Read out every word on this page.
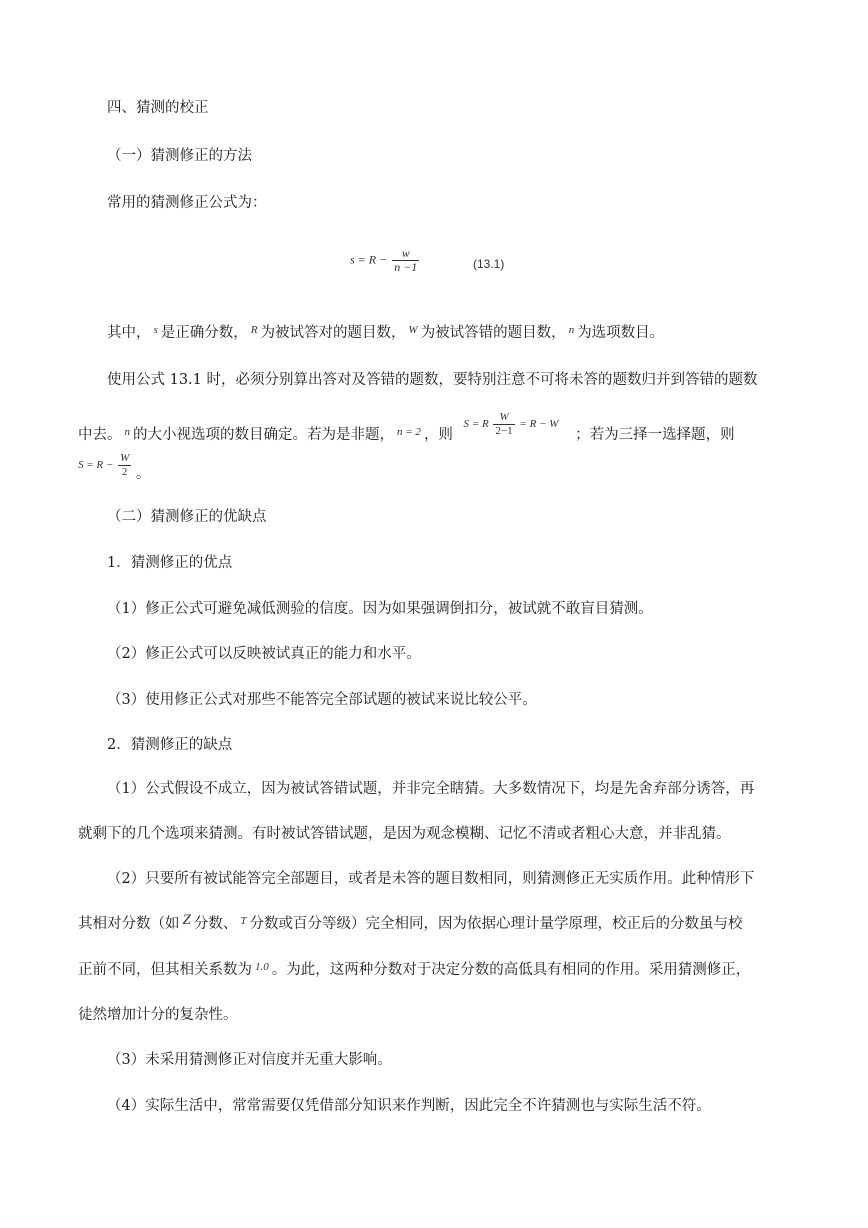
四、猜测的校正
（一）猜测修正的方法
常用的猜测修正公式为：
$s = R - \frac{w}{n -1}$	(13.1)
其中， $^s$ 是正确分数， $^R$ 为被试答对的题目数， $^W$ 为被试答错的题目数， $^n$ 为选项数目。
使用公式 13.1 时，必须分别算出答对及答错的题数，要特别注意不可将未答的题数归并到答错的题数
中去。 $^n$ 的大小视选项的数目确定。若为是非题， $^{n = 2}$ ，则 $^{S = R \frac{W}{2-1} = R - W}$ ；若为三择一选择题，则
$S = R - \frac{W}{2}$ 。
（二）猜测修正的优缺点
1．猜测修正的优点
（1）修正公式可避免减低测验的信度。因为如果强调倒扣分，被试就不敢盲目猜测。
（2）修正公式可以反映被试真正的能力和水平。
（3）使用修正公式对那些不能答完全部试题的被试来说比较公平。
2．猜测修正的缺点
（1）公式假设不成立，因为被试答错试题，并非完全瞎猜。大多数情况下，均是先舍弃部分诱答，再
就剩下的几个选项来猜测。有时被试答错试题，是因为观念模糊、记忆不清或者粗心大意，并非乱猜。
（2）只要所有被试能答完全部题目，或者是未答的题目数相同，则猜测修正无实质作用。此种情形下
其相对分数（如 Z 分数、 $^T$ 分数或百分等级）完全相同，因为依据心理计量学原理，校正后的分数虽与校
正前不同，但其相关系数为 $^{1.0}$ 。为此，这两种分数对于决定分数的高低具有相同的作用。采用猜测修正，
徒然增加计分的复杂性。
（3）未采用猜测修正对信度并无重大影响。
（4）实际生活中，常常需要仅凭借部分知识来作判断，因此完全不许猜测也与实际生活不符。
